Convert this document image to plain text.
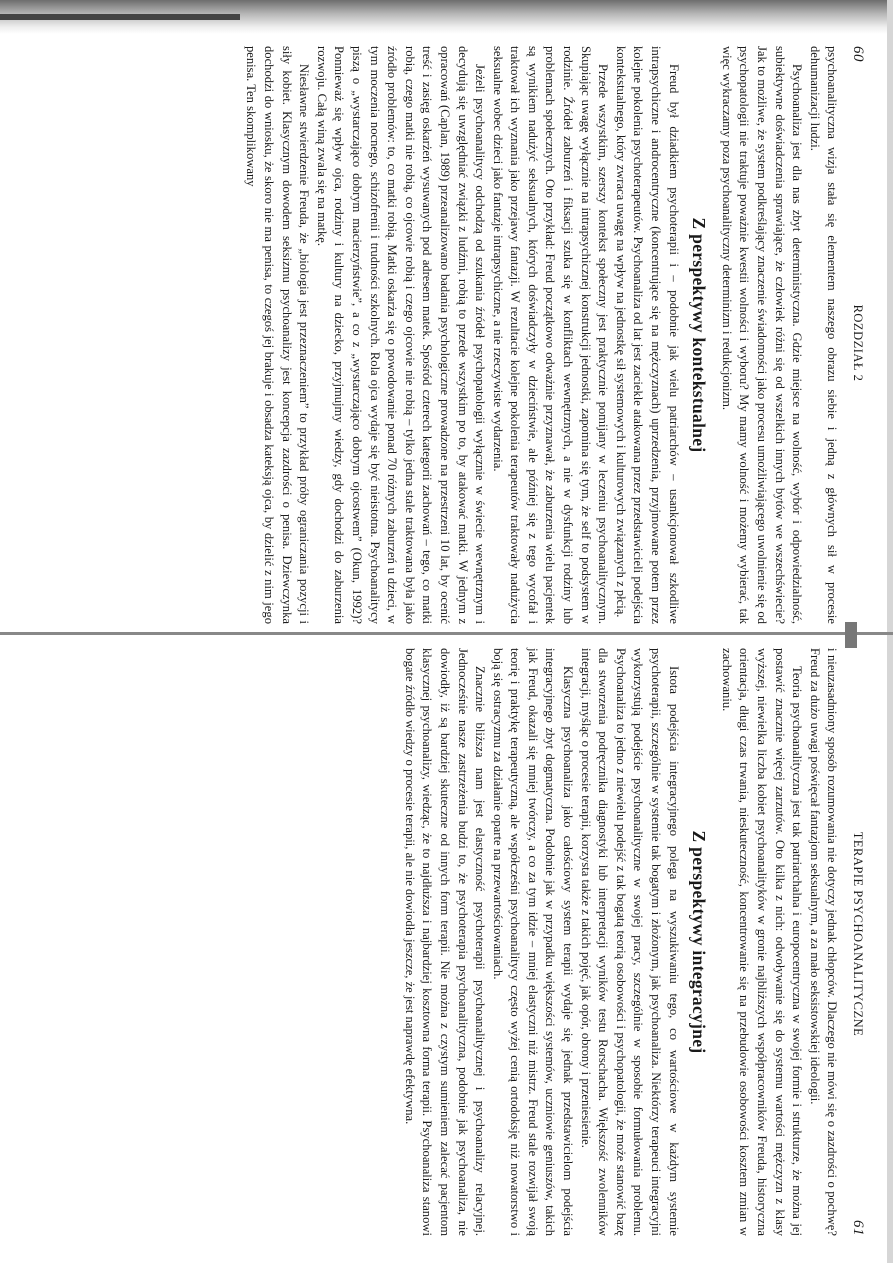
60
ROZDZIAŁ 2

psychoanalityczna wizja stała się elementem naszego obrazu siebie i jedną z głównych sił w procesie dehumanizacji ludzi.

Psychoanaliza jest dla nas zbyt deterministyczna. Gdzie miejsce na wolność, wybór i odpowiedzialność, subiektywne doświadczenia sprawiające, że człowiek różni się od wszelkich innych bytów we wszechświecie? Jak to możliwe, że system podkreślający znaczenie świadomości jako procesu umożliwiającego uwolnienie się od psychopatologii nie traktuje poważnie kwestii wolności i wyboru? My mamy wolność i możemy wybierać, tak więc wykraczamy poza psychoanalityczny determinizm i redukcjonizm.

Z perspektywy kontekstualnej

Freud był dziadkiem psychoterapii i – podobnie jak wielu patriarchów – usankcjonował szkodliwe intrapsychiczne i androcentryczne (koncentrujące się na mężczyznach) uprzedzenia, przyjmowane potem przez kolejne pokolenia psychoterapeutów. Psychoanaliza od lat jest zaciekle atakowana przez przedstawicieli podejścia kontekstualnego, który zwraca uwagę na wpływ na jednostkę sił systemowych i kulturowych związanych z płcią.

Przede wszystkim, szerszy kontekst społeczny jest praktycznie pomijany w leczeniu psychoanalitycznym. Skupiając uwagę wyłącznie na intrapsychicznej konstrukcji jednostki, zapomina się tym, że self to podsystem w rodzinie. Źródeł zaburzeń i fiksacji szuka się w konfliktach wewnętrznych, a nie w dysfunkcji rodziny lub problemach społecznych. Oto przykład: Freud początkowo odważnie przyznawał, że zaburzenia wielu pacjentek są wynikiem nadużyć seksualnych, których doświadczyły w dzieciństwie, ale później się z tego wycofał i traktował ich wyznania jako przejawy fantazji. W rezultacie kolejne pokolenia terapeutów traktowały nadużycia seksualne wobec dzieci jako fantazje intrapsychiczne, a nie rzeczywiste wydarzenia.

Jeżeli psychoanalitycy odchodzą od szukania źródeł psychopatologii wyłącznie w świecie wewnętrznym i decydują się uwzględniać związki z ludźmi, robią to przede wszystkim po to, by atakować matki. W jednym z opracowań (Caplan, 1989) przeanalizowano badania psychologiczne prowadzone na przestrzeni 10 lat, by ocenić treść i zasięg oskarżeń wysuwanych pod adresem matek. Spośród czterech kategorii zachowań – tego, co matki robią, czego matki nie robią, co ojcowie robią i czego ojcowie nie robią – tylko jedna stale traktowana była jako źródło problemów: to, co matki robią. Matki oskarża się o powodowanie ponad 70 różnych zaburzeń u dzieci, w tym moczenia nocnego, schizofrenii i trudności szkolnych. Rola ojca wydaje się być nieistotna. Psychoanalitycy piszą o „wystarczająco dobrym macierzyństwie”, a co z „wystarczająco dobrym ojcostwem” (Okun, 1992)? Ponnieważ się wpływ ojca, rodziny i kultury na dziecko, przyjmujmy wiedzy, gdy dochodzi do zaburzenia rozwoju. Całą winą zwala się na matkę.

Niesławne stwierdzenie Freuda, że „biologia jest przeznaczeniem” to przykład próby ograniczania pozycji i siły kobiet. Klasycznym dowodem seksizmu psychoanalizy jest koncepcja zazdrości o penisa. Dziewczynka dochodzi do wniosku, że skoro nie ma penisa, to czegoś jej brakuje i obsadza kateksją ojca, by dzielić z nim jego penisa. Ten skomplikowany

TERAPIE PSYCHOANALITYCZNE
61

i nieuzasadniony sposób rozumowania nie dotyczy jednak chłopców. Dlaczego nie mówi się o zazdrości o pochwę? Freud za dużo uwagi poświęcał fantazjom seksualnym, a za mało seksistowskiej ideologii.

Teoria psychoanalityczna jest tak patriarchalna i europocentryczna w swojej formie i strukturze, że można jej postawić znacznie więcej zarzutów. Oto kilka z nich: odwoływanie się do systemu wartości mężczyzn z klasy wyższej, niewielka liczba kobiet psychoanalityków w gronie najbliższych współpracowników Freuda, historyczna orientacja, długi czas trwania, nieskuteczność, koncentrowanie się na przebudowie osobowości kosztem zmian w zachowaniu.

Z perspektywy integracyjnej

Istota podejścia integracyjnego polega na wyszukiwaniu tego, co wartościowe w każdym systemie psychoterapii, szczególnie w systemie tak bogatym i złożonym, jak psychoanaliza. Niektórzy terapeuci integracyjni wykorzystują podejście psychoanalityczne w swojej pracy, szczególnie w sposobie formułowania problemu. Psychoanaliza to jedno z niewielu podejść z tak bogatą teorią osobowości i psychopatologii, że może stanowić bazę dla stworzenia podręcznika diagnostyki lub interpretacji wyników testu Rorschacha. Większość zwolenników integracji, myśląc o procesie terapii, korzysta także z takich pojęć, jak opór, obrony i przeniesienie.

Klasyczna psychoanaliza jako całościowy system terapii wydaje się jednak przedstawicielom podejścia integracyjnego zbyt dogmatyczna. Podobnie jak w przypadku większości systemów, uczniowie geniuszów, takich jak Freud, okazali się mniej twórczy, a co za tym idzie – mniej elastyczni niż mistrz. Freud stale rozwijał swoją teorię i praktykę terapeutyczną, ale współcześni psychoanalitycy często wyżej cenią ortodoksję niż nowatorstwo i boją się ostracyzmu za działanie oparte na przewartościowaniach.

Znacznie bliższa nam jest elastyczność psychoterapii psychoanalitycznej i psychoanalizy relacyjnej. Jednocześnie nasze zastrzeżenia budzi to, że psychoterapia psychoanalityczna, podobnie jak psychoanaliza, nie dowiodły, iż są bardziej skuteczne od innych form terapii. Nie można z czystym sumieniem zalecać pacjentom klasycznej psychoanalizy, wiedząc, że to najdłuższa i najbardziej kosztowna forma terapii. Psychoanaliza stanowi bogate źródło wiedzy o procesie terapii, ale nie dowiodła jeszcze, że jest naprawdę efektywna.
